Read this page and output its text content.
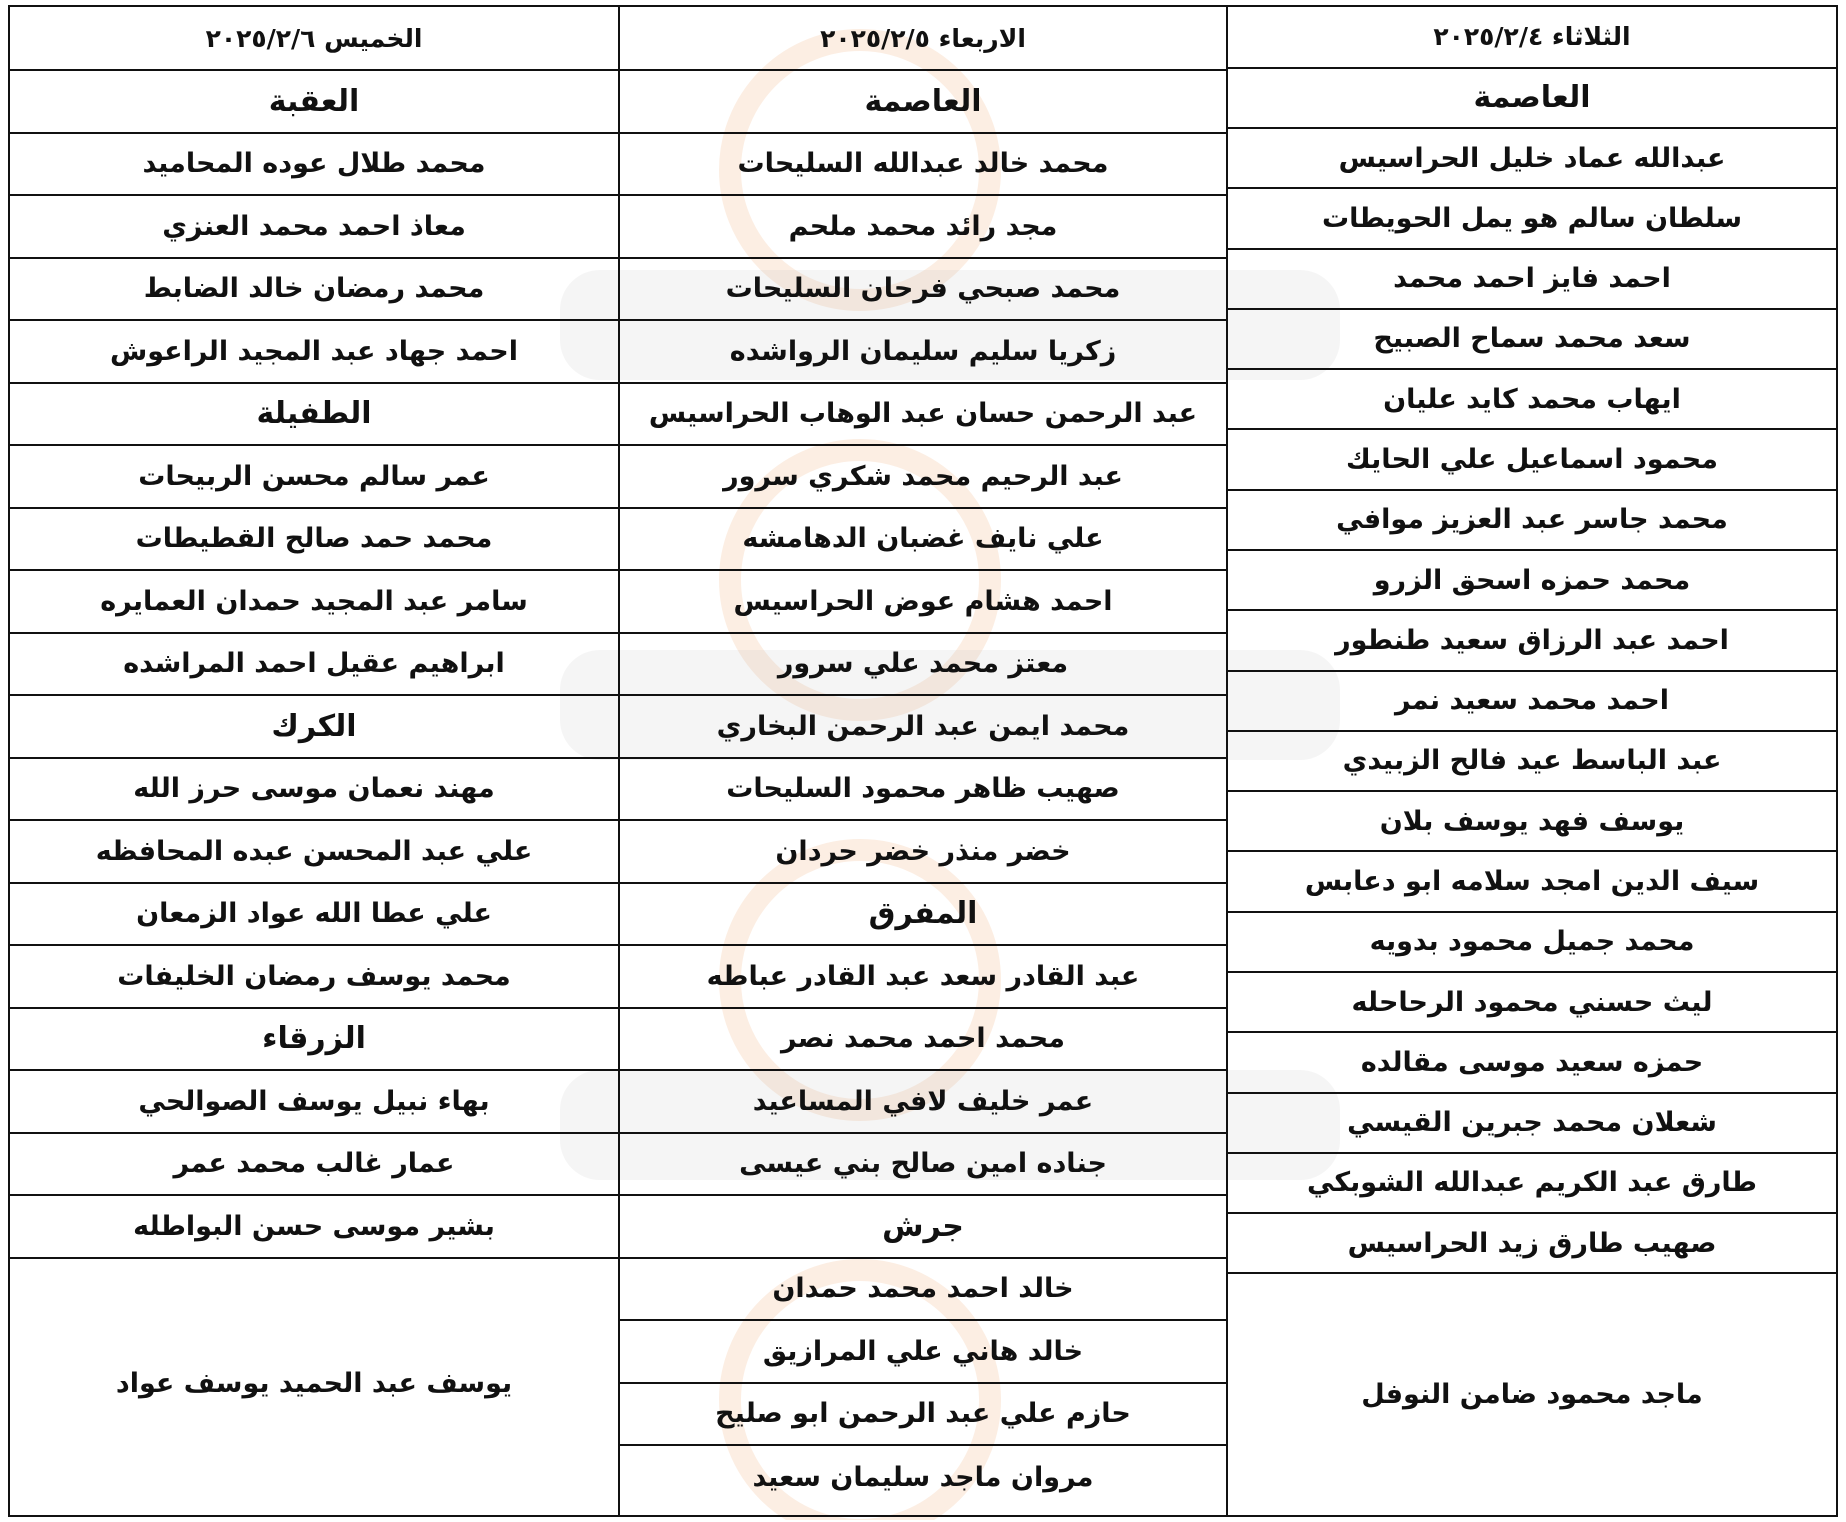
الثلاثاء ٢٠٢٥/٢/٤
العاصمة
عبدالله عماد خليل الحراسيس
سلطان سالم هو يمل الحويطات
احمد فايز احمد محمد
سعد محمد سماح الصبيح
ايهاب محمد كايد عليان
محمود اسماعيل علي الحايك
محمد جاسر عبد العزيز موافي
محمد حمزه اسحق الزرو
احمد عبد الرزاق سعيد طنطور
احمد محمد سعيد نمر
عبد الباسط عيد فالح الزبيدي
يوسف فهد يوسف بلان
سيف الدين امجد سلامه ابو دعابس
محمد جميل محمود بدويه
ليث حسني محمود الرحاحله
حمزه سعيد موسى مقالده
شعلان محمد جبرين القيسي
طارق عبد الكريم عبدالله الشوبكي
صهيب طارق زيد الحراسيس
ماجد محمود ضامن النوفل
الاربعاء ٢٠٢٥/٢/٥
العاصمة
محمد خالد عبدالله السليحات
مجد رائد محمد ملحم
محمد صبحي فرحان السليحات
زكريا سليم سليمان الرواشده
عبد الرحمن حسان عبد الوهاب الحراسيس
عبد الرحيم محمد شكري سرور
علي نايف غضبان الدهامشه
احمد هشام عوض الحراسيس
معتز محمد علي سرور
محمد ايمن عبد الرحمن البخاري
صهيب ظاهر محمود السليحات
خضر منذر خضر حردان
المفرق
عبد القادر سعد عبد القادر عباطه
محمد احمد محمد نصر
عمر خليف لافي المساعيد
جناده امين صالح بني عيسى
جرش
خالد احمد محمد حمدان
خالد هاني علي المرازيق
حازم علي عبد الرحمن ابو صليح
مروان ماجد سليمان سعيد
الخميس ٢٠٢٥/٢/٦
العقبة
محمد طلال عوده المحاميد
معاذ احمد محمد العنزي
محمد رمضان خالد الضابط
احمد جهاد عبد المجيد الراعوش
الطفيلة
عمر سالم محسن الربيحات
محمد حمد صالح القطيطات
سامر عبد المجيد حمدان العمايره
ابراهيم عقيل احمد المراشده
الكرك
مهند نعمان موسى حرز الله
علي عبد المحسن عبده المحافظه
علي عطا الله عواد الزمعان
محمد يوسف رمضان الخليفات
الزرقاء
بهاء نبيل يوسف الصوالحي
عمار غالب محمد عمر
بشير موسى حسن البواطله
يوسف عبد الحميد يوسف عواد
